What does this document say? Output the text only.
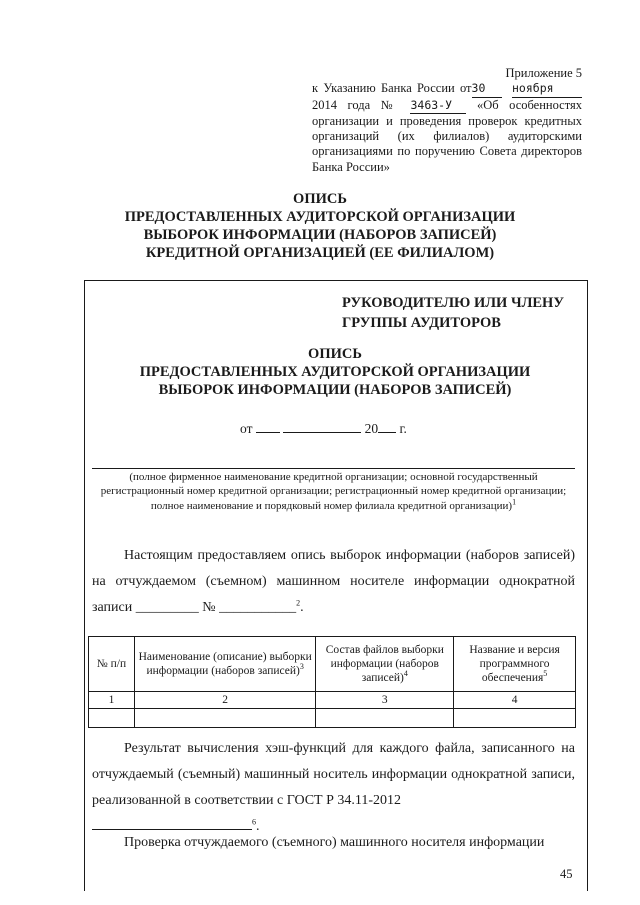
Приложение 5
к Указанию Банка России от30 ноября 2014 года № 3463-У «Об особенностях организации и проведения проверок кредитных организаций (их филиалов) аудиторскими организациями по поручению Совета директоров Банка России»
ОПИСЬ
ПРЕДОСТАВЛЕННЫХ АУДИТОРСКОЙ ОРГАНИЗАЦИИ
ВЫБОРОК ИНФОРМАЦИИ (НАБОРОВ ЗАПИСЕЙ)
КРЕДИТНОЙ ОРГАНИЗАЦИЕЙ (ЕЕ ФИЛИАЛОМ)
РУКОВОДИТЕЛЮ ИЛИ ЧЛЕНУ
ГРУППЫ АУДИТОРОВ
ОПИСЬ
ПРЕДОСТАВЛЕННЫХ АУДИТОРСКОЙ ОРГАНИЗАЦИИ
ВЫБОРОК ИНФОРМАЦИИ (НАБОРОВ ЗАПИСЕЙ)
от	20 г.
(полное фирменное наименование кредитной организации; основной государственный регистрационный номер кредитной организации; регистрационный номер кредитной организации; полное наименование и порядковый номер филиала кредитной организации)$^1$
Настоящим предоставляем опись выборок информации (наборов записей) на отчуждаемом (съемном) машинном носителе информации однократной записи _________ № ___________$^2$.
№ п/п	Наименование (описание) выборки информации (наборов записей)$^3$	Состав файлов выборки информации (наборов записей)$^4$	Название и версия программного обеспечения$^5$
1	2	3	4

Результат вычисления хэш-функций для каждого файла, записанного на отчуждаемый (съемный) машинный носитель информации однократной записи, реализованной в соответствии с ГОСТ Р 34.11-2012
$^6$.
Проверка отчуждаемого (съемного) машинного носителя информации
45
